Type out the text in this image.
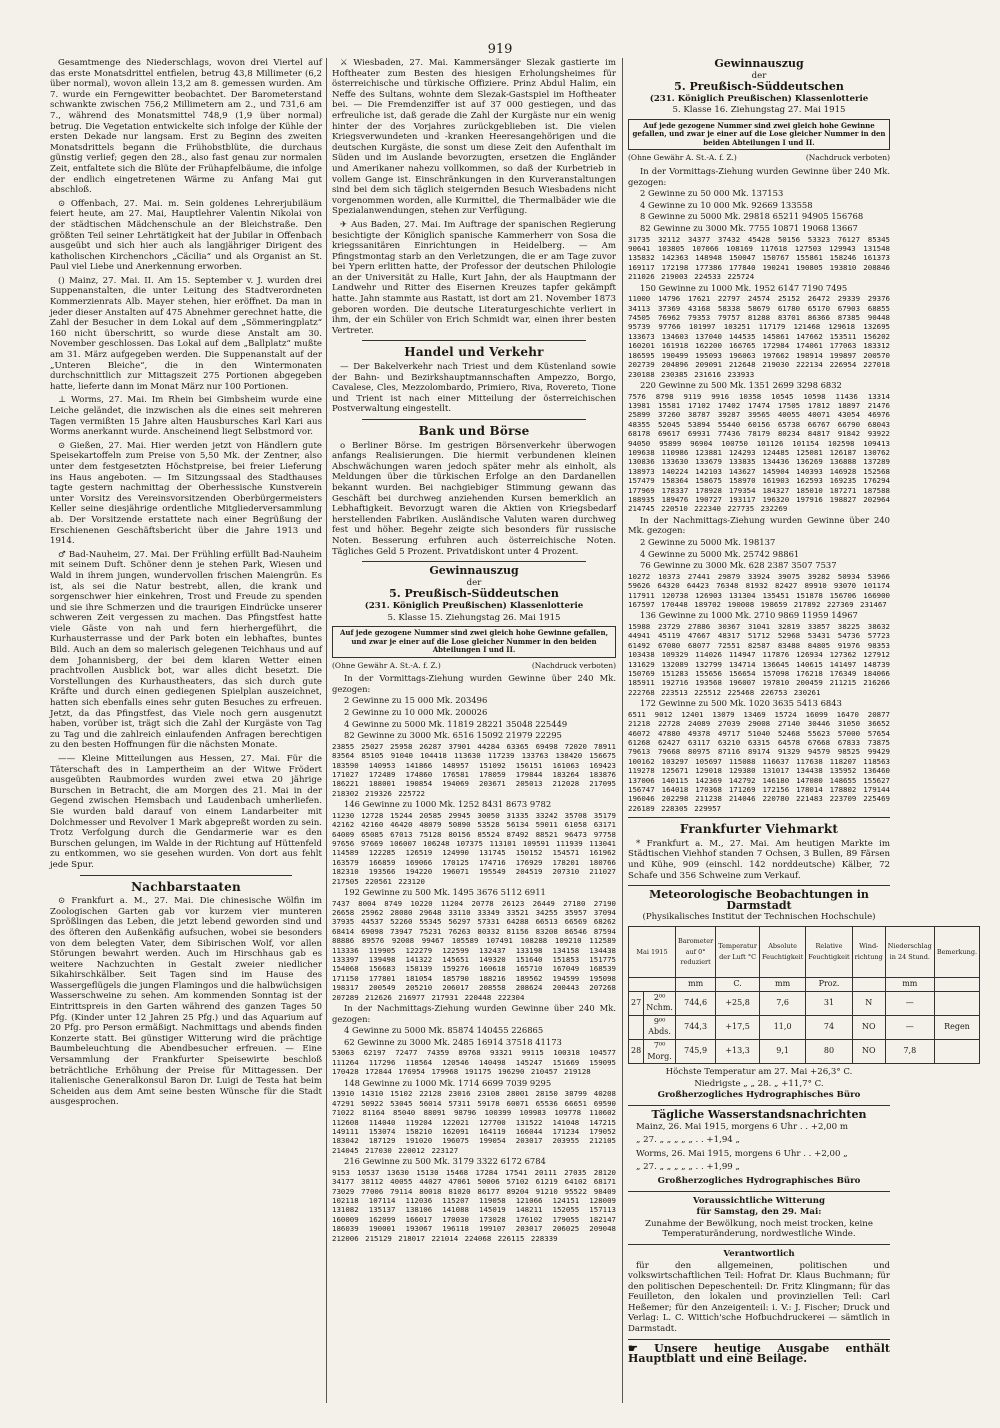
919

Gesamtmenge des Niederschlags, wovon drei Viertel auf das erste Monatsdrittel entfielen, betrug 43,8 Millimeter (6,2 über normal), wovon allein 13,2 am 8. gemessen wurden. Am 7. wurde ein Ferngewitter beobachtet. Der Barometerstand schwankte zwischen 756,2 Millimetern am 2., und 731,6 am 7., während des Monatsmittel 748,9 (1,9 über normal) betrug. Die Vegetation entwickelte sich infolge der Kühle der ersten Dekade nur langsam. Erst zu Beginn des zweiten Monatsdrittels begann die Frühobstblüte, die durchaus günstig verlief; gegen den 28., also fast genau zur normalen Zeit, entfaltete sich die Blüte der Frühapfelbäume, die infolge der endlich eingetretenen Wärme zu Anfang Mai gut abschloß.

⊙ Offenbach, 27. Mai. m. Sein goldenes Lehrerjubiläum feiert heute, am 27. Mai, Hauptlehrer Valentin Nikolai von der städtischen Mädchenschule an der Bleichstraße. Den größten Teil seiner Lehrtätigkeit hat der Jubilar in Offenbach ausgeübt und sich hier auch als langjähriger Dirigent des katholischen Kirchenchors „Cäcilia“ und als Organist an St. Paul viel Liebe und Anerkennung erworben.

() Mainz, 27. Mai. II. Am 15. September v. J. wurden drei Suppenanstalten, die unter Leitung des Stadtverordneten Kommerzienrats Alb. Mayer stehen, hier eröffnet. Da man in jeder dieser Anstalten auf 475 Abnehmer gerechnet hatte, die Zahl der Besucher in dem Lokal auf dem „Sömmeringplatz“ 160 nicht überschritt, so wurde diese Anstalt am 30. November geschlossen. Das Lokal auf dem „Ballplatz“ mußte am 31. März aufgegeben werden. Die Suppenanstalt auf der „Unteren Bleiche“, die in den Wintermonaten durchschnittlich zur Mittagszeit 275 Portionen abgegeben hatte, lieferte dann im Monat März nur 100 Portionen.

⊥ Worms, 27. Mai. Im Rhein bei Gimbsheim wurde eine Leiche geländet, die inzwischen als die eines seit mehreren Tagen vermißten 15 Jahre alten Hausbursches Karl Kari aus Worms anerkannt wurde. Anscheinend liegt Selbstmord vor.

⊙ Gießen, 27. Mai. Hier werden jetzt von Händlern gute Speisekartoffeln zum Preise von 5,50 Mk. der Zentner, also unter dem festgesetzten Höchstpreise, bei freier Lieferung ins Haus angeboten. — Im Sitzungssaal des Stadthauses tagte gestern nachmittag der Oberhessische Kunstverein unter Vorsitz des Vereinsvorsitzenden Oberbürgermeisters Keller seine diesjährige ordentliche Mitgliederversammlung ab. Der Vorsitzende erstattete nach einer Begrüßung der Erschienenen Geschäftsbericht über die Jahre 1913 und 1914.

♂ Bad-Nauheim, 27. Mai. Der Frühling erfüllt Bad-Nauheim mit seinem Duft. Schöner denn je stehen Park, Wiesen und Wald in ihrem jungen, wundervollen frischen Maiengrün. Es ist, als sei die Natur bestrebt, allen, die krank und sorgenschwer hier einkehren, Trost und Freude zu spenden und sie ihre Schmerzen und die traurigen Eindrücke unserer schweren Zeit vergessen zu machen. Das Pfingstfest hatte viele Gäste von nah und fern hierhergeführt, die Kurhausterrasse und der Park boten ein lebhaftes, buntes Bild. Auch an dem so malerisch gelegenen Teichhaus und auf dem Johannisberg, der bei dem klaren Wetter einen prachtvollen Ausblick bot, war alles dicht besetzt. Die Vorstellungen des Kurhaustheaters, das sich durch gute Kräfte und durch einen gediegenen Spielplan auszeichnet, hatten sich ebenfalls eines sehr guten Besuches zu erfreuen. Jetzt, da das Pfingstfest, das Viele noch gern ausgenutzt haben, vorüber ist, trägt sich die Zahl der Kurgäste von Tag zu Tag und die zahlreich einlaufenden Anfragen berechtigen zu den besten Hoffnungen für die nächsten Monate.

—— Kleine Mitteilungen aus Hessen, 27. Mai. Für die Täterschaft des in Lampertheim an der Witwe Frödert ausgeübten Raubmordes wurden zwei etwa 20 jährige Burschen in Betracht, die am Morgen des 21. Mai in der Gegend zwischen Hemsbach und Laudenbach umherliefen. Sie wurden bald darauf von einem Landarbeiter mit Dolchmesser und Revolver 1 Mark abgepreßt worden zu sein. Trotz Verfolgung durch die Gendarmerie war es den Burschen gelungen, im Walde in der Richtung auf Hüttenfeld zu entkommen, wo sie gesehen wurden. Von dort aus fehlt jede Spur.

Nachbarstaaten

⊙ Frankfurt a. M., 27. Mai. Die chinesische Wölfin im Zoologischen Garten gab vor kurzem vier munteren Sprößlingen das Leben, die jetzt lebend geworden sind und des öfteren den Außenkäfig aufsuchen, wobei sie besonders von dem belegten Vater, dem Sibirischen Wolf, vor allen Störungen bewahrt werden. Auch im Hirschhaus gab es weitere Nachzuchten in Gestalt zweier niedlicher Sikahirschkälber. Seit Tagen sind im Hause des Wassergeflügels die jungen Flamingos und die halbwüchsigen Wasserschweine zu sehen. Am kommenden Sonntag ist der Eintrittspreis in den Garten während des ganzen Tages 50 Pfg. (Kinder unter 12 Jahren 25 Pfg.) und das Aquarium auf 20 Pfg. pro Person ermäßigt. Nachmittags und abends finden Konzerte statt. Bei günstiger Witterung wird die prächtige Baumbeleuchtung die Abendbesucher erfreuen. — Eine Versammlung der Frankfurter Speisewirte beschloß beträchtliche Erhöhung der Preise für Mittagessen. Der italienische Generalkonsul Baron Dr. Luigi de Testa hat beim Scheiden aus dem Amt seine besten Wünsche für die Stadt ausgesprochen.

⚔ Wiesbaden, 27. Mai. Kammersänger Slezak gastierte im Hoftheater zum Besten des hiesigen Erholungsheimes für österreichische und türkische Offiziere. Prinz Abdul Halim, ein Neffe des Sultans, wohnte dem Slezak-Gastspiel im Hoftheater bei. — Die Fremdenziffer ist auf 37 000 gestiegen, und das erfreuliche ist, daß gerade die Zahl der Kurgäste nur ein wenig hinter der des Vorjahres zurückgeblieben ist. Die vielen Kriegsverwundeten und -kranken Heeresangehörigen und die deutschen Kurgäste, die sonst um diese Zeit den Aufenthalt im Süden und im Auslande bevorzugten, ersetzen die Engländer und Amerikaner nahezu vollkommen, so daß der Kurbetrieb in vollem Gange ist. Einschränkungen in den Kurveranstaltungen sind bei dem sich täglich steigernden Besuch Wiesbadens nicht vorgenommen worden, alle Kurmittel, die Thermalbäder wie die Spezialanwendungen, stehen zur Verfügung.

✈ Aus Baden, 27. Mai. Im Auftrage der spanischen Regierung besichtigte der Königlich spanische Kammerherr von Sosa die kriegssanitären Einrichtungen in Heidelberg. — Am Pfingstmontag starb an den Verletzungen, die er am Tage zuvor bei Ypern erlitten hatte, der Professor der deutschen Philologie an der Universität zu Halle, Kurt Jahn, der als Hauptmann der Landwehr und Ritter des Eisernen Kreuzes tapfer gekämpft hatte. Jahn stammte aus Rastatt, ist dort am 21. November 1873 geboren worden. Die deutsche Literaturgeschichte verliert in ihm, der ein Schüler von Erich Schmidt war, einen ihrer besten Vertreter.

Handel und Verkehr

— Der Bakelverkehr nach Triest und dem Küstenland sowie der Bahn- und Bezirkshauptmannschaften Ampezzo, Borgo, Cavalese, Cles, Mezzolombardo, Primiero, Riva, Rovereto, Tione und Trient ist nach einer Mitteilung der österreichischen Postverwaltung eingestellt.

Bank und Börse

o Berliner Börse. Im gestrigen Börsenverkehr überwogen anfangs Realisierungen. Die hiermit verbundenen kleinen Abschwächungen waren jedoch später mehr als einholt, als Meldungen über die türkischen Erfolge an den Dardanellen bekannt wurden. Bei nachgiebiger Stimmung gewann das Geschäft bei durchweg anziehenden Kursen bemerklich an Lebhaftigkeit. Bevorzugt waren die Aktien von Kriegsbedarf herstellenden Fabriken. Ausländische Valuten waren durchweg fest und höher. Begehr zeigte sich besonders für russische Noten. Besserung erfuhren auch österreichische Noten. Tägliches Geld 5 Prozent. Privatdiskont unter 4 Prozent.

Gewinnauszug
der
5. Preußisch-Süddeutschen
(231. Königlich Preußischen) Klassenlotterie
5. Klasse 15. Ziehungstag 26. Mai 1915
Auf jede gezogene Nummer sind zwei gleich hohe Gewinne gefallen, und zwar je einer auf die Lose gleicher Nummer in den beiden Abteilungen I und II.
(Ohne Gewähr A. St.-A. f. Z.)	(Nachdruck verboten)

In der Vormittags-Ziehung wurden Gewinne über 240 Mk. gezogen:

2 Gewinne zu 15 000 Mk. 203496

2 Gewinne zu 10 000 Mk. 200026

4 Gewinne zu 5000 Mk. 11819 28221 35048 225449

82 Gewinne zu 3000 Mk. 6516 15092 21979 22295

23855 25027 25958 26287 37901 44284 63365 69498 72020 78911 83564 85105 91040 104418 113630 117239 133763 138420 156675 183590 140953 141866 148957 151092 156151 161063 169423 171027 172489 174860 176581 178059 179844 183264 183876 186221 188001 190854 194069 203671 205013 212028 217095 218302 219326 225722

146 Gewinne zu 1000 Mk. 1252 8431 8673 9782

11230 12728 15244 20585 29945 30050 31335 33242 35708 35179 42162 42160 46420 48079 50890 53528 56134 59011 61058 63171 64009 65085 67013 75128 80156 85524 87492 88521 96473 97758 97656 97669 106007 106248 107375 113101 109591 111939 113041 114589 122285 126519 124990 131745 150152 154571 161962 163579 166859 169066 170125 174716 176929 178201 180766 182310 193566 194220 196071 195549 204519 207310 211027 217505 220561 223120

192 Gewinne zu 500 Mk. 1495 3676 5112 6911

7437 8004 8749 10220 11204 20778 26123 26449 27180 27190 26658 25962 28080 29648 33110 33349 33521 34255 35957 37094 37935 44537 52260 55345 56297 57331 64288 66513 66569 68262 68414 69098 73947 75231 76263 80332 81156 83208 86546 87594 88886 89576 92008 99467 105589 107491 108288 109210 112589 113336 119905 122279 122599 132437 133198 134158 134438 133397 139498 141322 145651 149320 151640 151853 151775 154068 156683 158139 159276 160618 165710 167049 168539 171150 177801 181054 185790 188216 189562 194599 195098 198317 200549 205210 206017 208558 208624 200443 207268 207289 212626 216977 217931 220448 222304

In der Nachmittags-Ziehung wurden Gewinne über 240 Mk. gezogen:

4 Gewinne zu 5000 Mk. 85874 140455 226865

62 Gewinne zu 3000 Mk. 2485 16914 37518 41173

53063 62197 72477 74359 89768 93321 99115 100318 104577 111264 117296 118564 120546 140498 145247 151669 159095 170428 172844 176954 179968 191175 196290 210457 219128

148 Gewinne zu 1000 Mk. 1714 6699 7039 9295

13910 14310 15102 22128 23016 23108 28001 28150 38799 40208 47291 50922 53045 56014 57311 59178 60071 65536 66651 69590 71022 81164 85040 88091 98796 100399 109983 109778 110602 112608 114040 119204 122021 127700 131522 141048 147215 149111 153074 158210 162091 164119 166044 171234 179052 183042 187129 191020 196075 199054 203017 203955 212105 214045 217030 220012 223127

216 Gewinne zu 500 Mk. 3179 3322 6172 6784

9153 10537 13630 15130 15468 17284 17541 20111 27035 28120 34177 38112 40055 44027 47061 50006 57102 61219 64102 68171 73029 77006 79114 80018 81020 86177 89204 91210 95522 98409 102118 107114 112036 115207 119058 121066 124151 128009 131082 135137 138106 141088 145019 148211 152055 157113 160009 162099 166017 170030 173028 176102 179055 182147 186039 190001 193067 196118 199107 203017 206025 209048 212006 215129 218017 221014 224068 226115 228339

Gewinnauszug
der
5. Preußisch-Süddeutschen
(231. Königlich Preußischen) Klassenlotterie
5. Klasse 16. Ziehungstag 27. Mai 1915
Auf jede gezogene Nummer sind zwei gleich hohe Gewinne gefallen, und zwar je einer auf die Lose gleicher Nummer in den beiden Abteilungen I und II.
(Ohne Gewähr A. St.-A. f. Z.)	(Nachdruck verboten)

In der Vormittags-Ziehung wurden Gewinne über 240 Mk. gezogen:

2 Gewinne zu 50 000 Mk. 137153

4 Gewinne zu 10 000 Mk. 92669 133558

8 Gewinne zu 5000 Mk. 29818 65211 94905 156768

82 Gewinne zu 3000 Mk. 7755 10871 19068 13667

31735 32112 34377 37432 45428 50156 53323 76127 85345 90641 103805 107066 108169 117618 127503 129943 131548 135832 142363 148948 150047 150767 155861 158246 161373 169117 172198 177386 177840 190241 190805 193810 208846 211026 219003 224533 225724

150 Gewinne zu 1000 Mk. 1952 6147 7190 7495

11000 14796 17621 22797 24574 25152 26472 29339 29376 34113 37369 43168 58338 58679 61780 65170 67903 68855 74505 76962 79353 79757 81288 83701 86366 87385 90448 95739 97766 101997 103251 117179 121468 129618 132695 133673 134603 137040 144535 145861 147662 153511 156202 160201 161918 162200 166765 172984 174061 177063 183312 186595 190499 195093 196063 197662 198914 199897 200570 202739 204896 209091 212648 219030 222134 226954 227018 230188 230385 231616 233933

220 Gewinne zu 500 Mk. 1351 2699 3298 6832

7576 8798 9119 9916 10358 10545 10598 11436 13314 13981 15581 17102 17402 17474 17505 17812 18897 21476 25899 37260 38787 39287 39565 40055 40071 43054 46976 48355 52045 53894 55440 60156 65738 66767 66790 68043 68178 69617 69931 77436 78179 80234 84817 91842 93922 94050 95899 96904 100750 101126 101154 102598 109413 109638 110986 123881 124293 124485 125081 126187 130762 130836 133630 133679 133835 134436 136269 136888 137289 138973 140224 142103 143627 145904 140393 146928 152568 157479 158364 158675 158970 161903 162593 169235 176294 177969 178337 178928 179354 184327 185010 187271 187588 188935 189476 190727 193117 196320 197916 198827 202964 214745 220510 222340 227735 232269

In der Nachmittags-Ziehung wurden Gewinne über 240 Mk. gezogen:

2 Gewinne zu 5000 Mk. 198137

4 Gewinne zu 5000 Mk. 25742 98861

76 Gewinne zu 3000 Mk. 628 2387 3507 7537

10272 10373 27441 29879 33924 39075 39282 50934 53966 59626 64320 64423 76348 81932 82427 89910 93070 101174 117911 120738 126903 131304 135451 151878 156706 166900 167597 170448 189702 190008 198659 217892 227369 231467

136 Gewinne zu 1000 Mk. 2710 9869 11959 14967

15988 23729 27886 30367 31041 32819 33857 38225 38632 44941 45119 47667 48317 51712 52968 53431 54736 57723 61492 67080 68077 72551 82587 83488 84805 91976 98353 103438 109329 114026 114947 117876 126934 127362 127912 131629 132089 132799 134714 136645 140615 141497 148739 150769 151283 155656 156654 157098 176218 176349 184066 185911 192716 193568 196007 197810 200459 211215 216266 222768 223513 225512 225468 226753 230261

172 Gewinne zu 500 Mk. 1020 3635 5413 6843

6511 9012 12401 13079 13469 15724 16099 16470 20877 21218 22728 24089 27039 29008 27140 30446 31050 36652 46072 47880 49378 49717 51040 52468 55623 57000 57654 61268 62427 63117 63210 63315 64578 67668 67833 73875 79613 79668 80975 87116 89174 91329 94579 98525 99429 100162 103297 105697 115088 116637 117638 118207 118563 119278 125671 129018 129380 131017 134438 135952 136460 137006 140115 142369 142792 146180 147080 148655 155627 156747 164018 170368 171269 172156 178014 178802 179144 196046 202298 211238 214046 220780 221483 223709 225469 226189 228305 229957

Frankfurter Viehmarkt

* Frankfurt a. M., 27. Mai. Am heutigen Markte im Städtischen Viehhof standen 7 Ochsen, 3 Bullen, 89 Färsen und Kühe, 909 (einschl. 142 norddeutsche) Kälber, 72 Schafe und 356 Schweine zum Verkauf.

Meteorologische Beobachtungen in Darmstadt
(Physikalisches Institut der Technischen Hochschule)
Mai 1915		Barometer auf 0° reduziert	Temperatur der Luft °C	Absolute Feuchtigkeit	Relative Feuchtigkeit	Wind-richtung	Niederschlag in 24 Stund.	Bemerkung.
		mm	C.	mm	Proz.		mm	
27	2⁰⁰ Nchm.	744,6	+25,8	7,6	31	N	—	
	9⁰⁰ Abds.	744,3	+17,5	11,0	74	NO	—	Regen
28	7⁰⁰ Morg.	745,9	+13,3	9,1	80	NO	7,8	
Höchste Temperatur am 27. Mai +26,3° C.
Niedrigste „ „ 28. „ +11,7° C.
Großherzogliches Hydrographisches Büro
Tägliche Wasserstandsnachrichten

Mainz, 26. Mai 1915, morgens 6 Uhr . . +2,00 m

„ 27. „ „ „ „ „ . . +1,94 „

Worms, 26. Mai 1915, morgens 6 Uhr . . +2,00 „

„ 27. „ „ „ „ „ . . +1,99 „

Großherzogliches Hydrographisches Büro
Voraussichtliche Witterung
für Samstag, den 29. Mai:
Zunahme der Bewölkung, noch meist trocken, keine Temperaturänderung, nordwestliche Winde.
Verantwortlich

für den allgemeinen, politischen und volkswirtschaftlichen Teil: Hofrat Dr. Klaus Buchmann; für den politischen Depeschenteil: Dr. Fritz Klingmann; für das Feuilleton, den lokalen und provinziellen Teil: Carl Heßemer; für den Anzeigenteil: i. V.: J. Fischer; Druck und Verlag: L. C. Wittich'sche Hofbuchdruckerei — sämtlich in Darmstadt.

☛ Unsere heutige Ausgabe enthält Hauptblatt und eine Beilage.
